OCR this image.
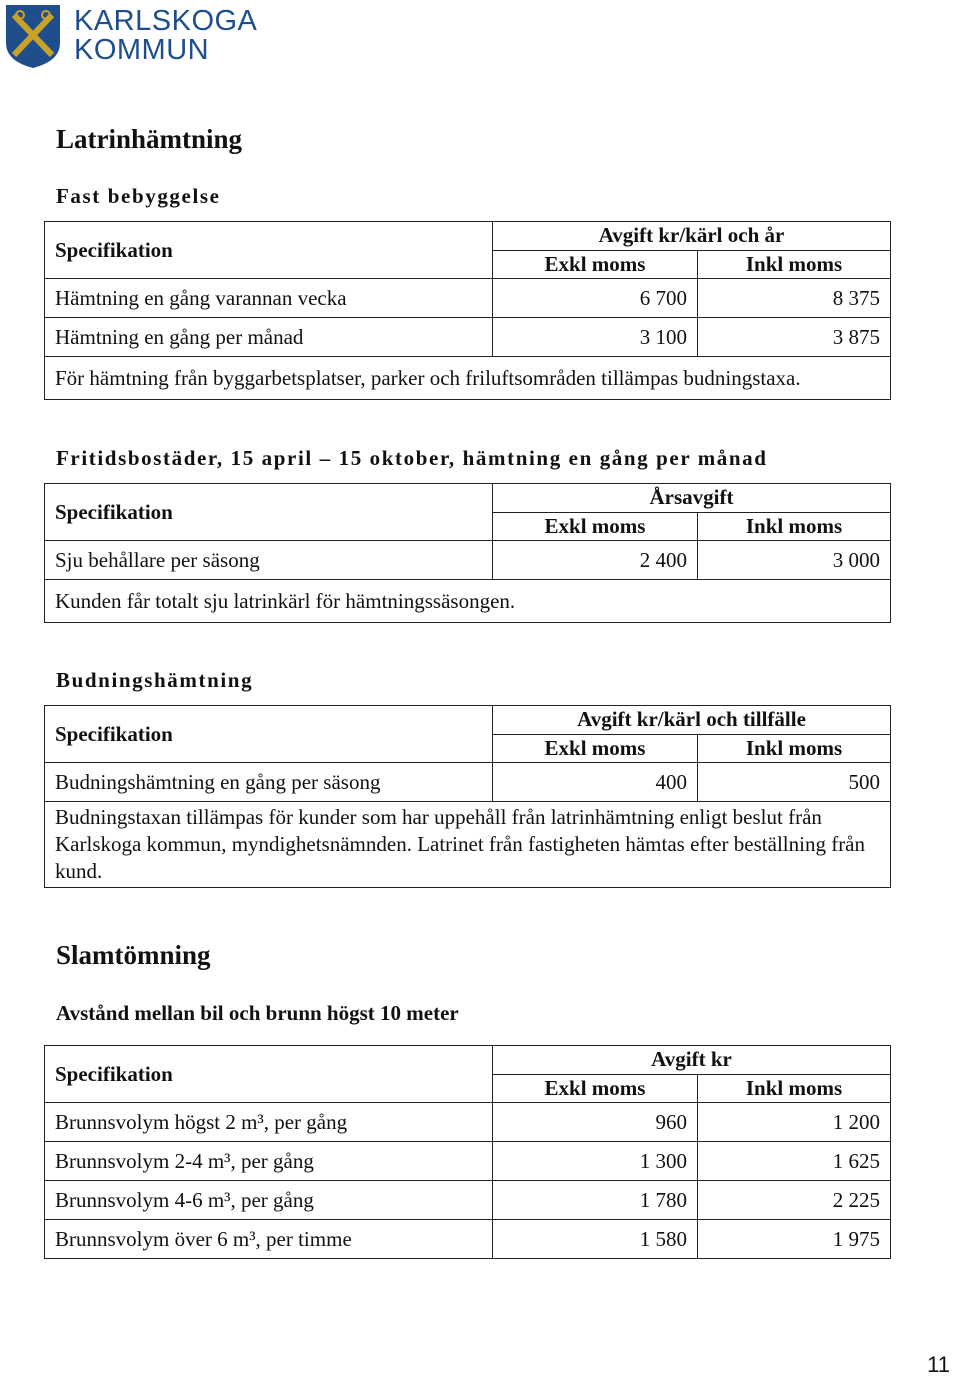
KARLSKOGA
KOMMUN
Latrinhämtning
Fast bebyggelse
Specifikation	Avgift kr/kärl och år	
	Exkl moms	Inkl moms
Hämtning en gång varannan vecka	6 700	8 375
Hämtning en gång per månad	3 100	3 875
För hämtning från byggarbetsplatser, parker och friluftsområden tillämpas budningstaxa.		
Fritidsbostäder, 15 april – 15 oktober, hämtning en gång per månad
Specifikation	Årsavgift	
	Exkl moms	Inkl moms
Sju behållare per säsong	2 400	3 000
Kunden får totalt sju latrinkärl för hämtningssäsongen.		
Budningshämtning
Specifikation	Avgift kr/kärl och tillfälle	
	Exkl moms	Inkl moms
Budningshämtning en gång per säsong	400	500
Budningstaxan tillämpas för kunder som har uppehåll från latrinhämtning enligt beslut från Karlskoga kommun, myndighetsnämnden. Latrinet från fastigheten hämtas efter beställning från kund.		
Slamtömning
Avstånd mellan bil och brunn högst 10 meter
Specifikation	Avgift kr	
	Exkl moms	Inkl moms
Brunnsvolym högst 2 m³, per gång	960	1 200
Brunnsvolym 2-4 m³, per gång	1 300	1 625
Brunnsvolym 4-6 m³, per gång	1 780	2 225
Brunnsvolym över 6 m³, per timme	1 580	1 975
11
